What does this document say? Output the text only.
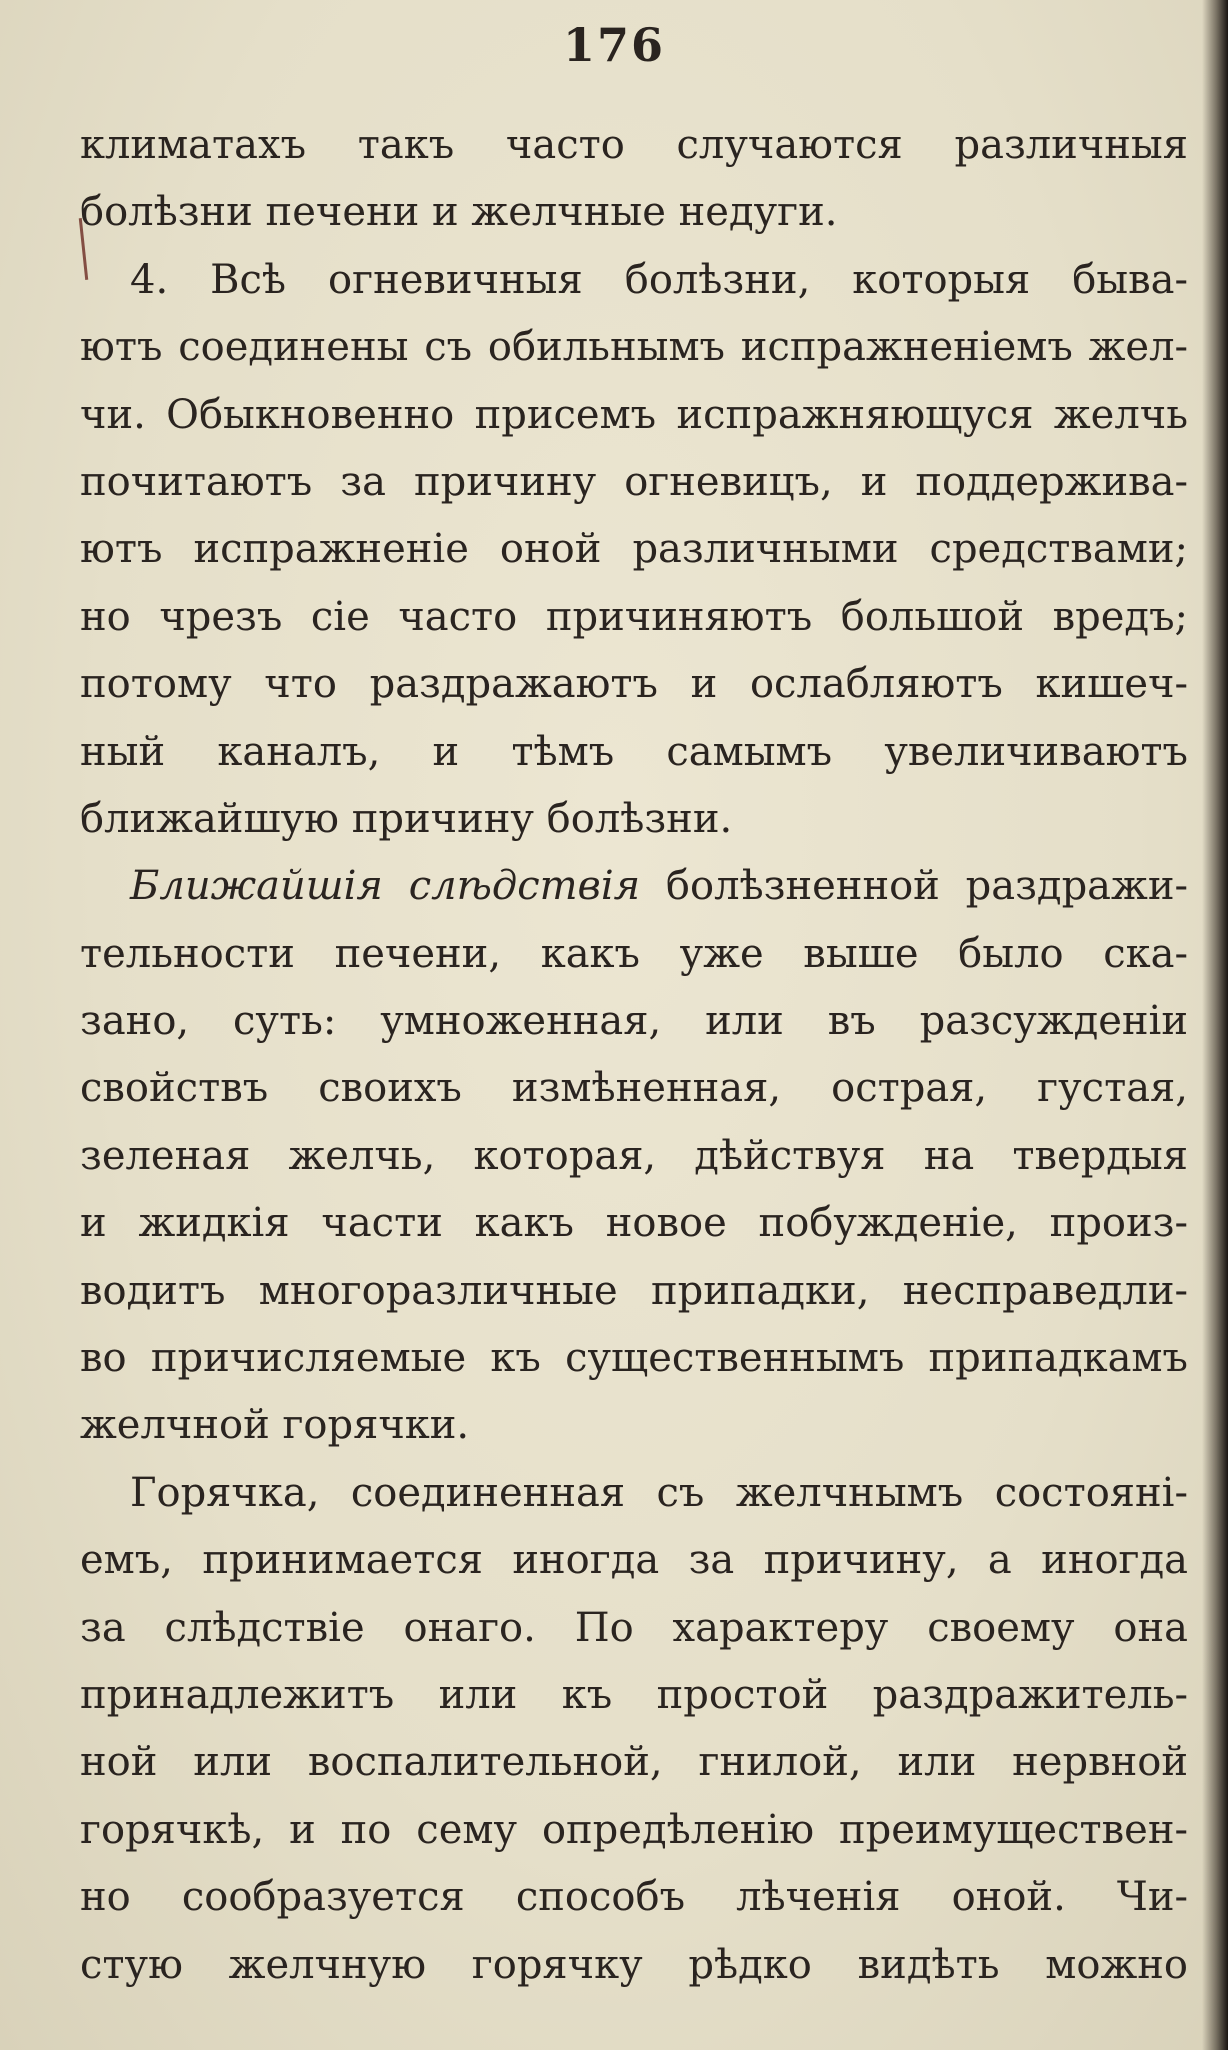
176
климатахъ такъ часто случаются различныя
болѣзни печени и желчные недуги.
4. Всѣ огневичныя болѣзни, которыя быва-
ютъ соединены съ обильнымъ испражненіемъ жел-
чи. Обыкновенно присемъ испражняющуся желчь
почитаютъ за причину огневицъ, и поддержива-
ютъ испражненіе оной различными средствами;
но чрезъ сіе часто причиняютъ большой вредъ;
потому что раздражаютъ и ослабляютъ кишеч-
ный каналъ, и тѣмъ самымъ увеличиваютъ
ближайшую причину болѣзни.
Ближайшія слѣдствія болѣзненной раздражи-
тельности печени, какъ уже выше было ска-
зано, суть: умноженная, или въ разсужденіи
свойствъ своихъ измѣненная, острая, густая,
зеленая желчь, которая, дѣйствуя на твердыя
и жидкія части какъ новое побужденіе, произ-
водитъ многоразличные припадки, несправедли-
во причисляемые къ существеннымъ припадкамъ
желчной горячки.
Горячка, соединенная съ желчнымъ состояні-
емъ, принимается иногда за причину, а иногда
за слѣдствіе онаго. По характеру своему она
принадлежитъ или къ простой раздражитель-
ной или воспалительной, гнилой, или нервной
горячкѣ, и по сему опредѣленію преимуществен-
но сообразуется способъ лѣченія оной. Чи-
стую желчную горячку рѣдко видѣть можно
